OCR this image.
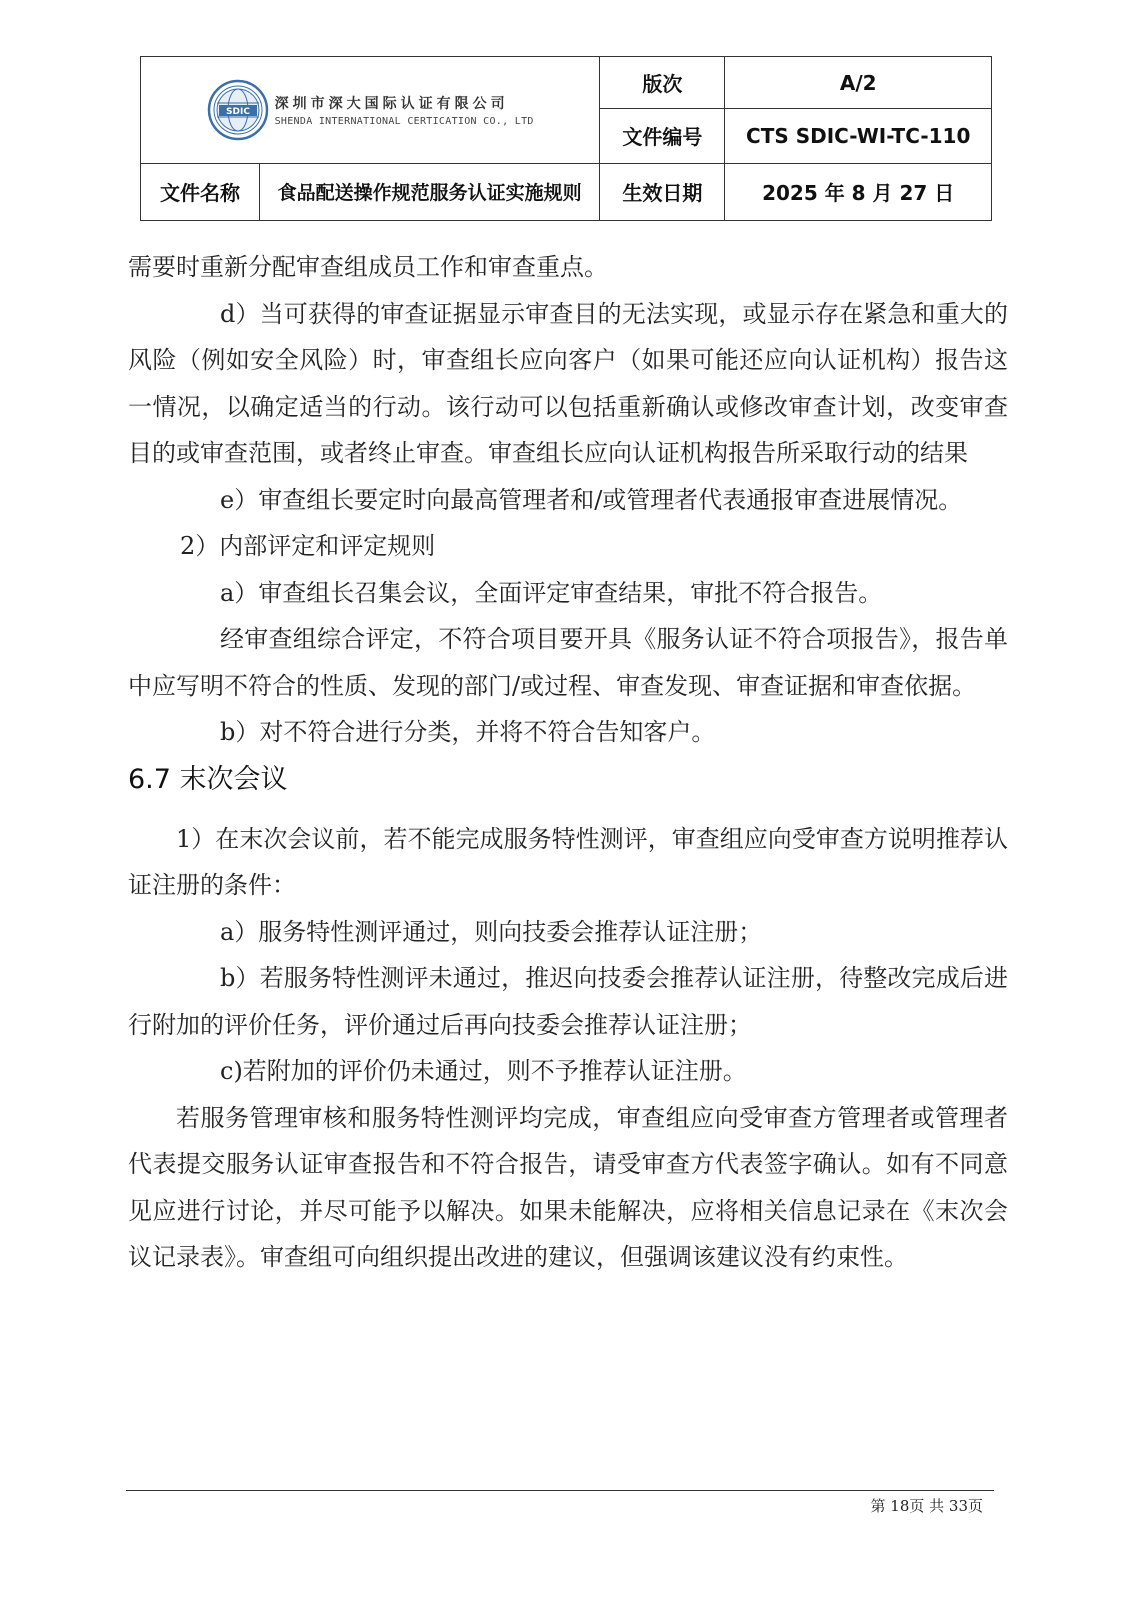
SDIC 深圳市深大国际认证有限公司
SHENDA INTERNATIONAL CERTICATION CO., LTD		版次	A/2
		文件编号	CTS SDIC-WI-TC-110
文件名称	食品配送操作规范服务认证实施规则	生效日期	2025 年 8 月 27 日

需要时重新分配审查组成员工作和审查重点。

d）当可获得的审查证据显示审查目的无法实现，或显示存在紧急和重大的风险（例如安全风险）时，审查组长应向客户（如果可能还应向认证机构）报告这一情况，以确定适当的行动。该行动可以包括重新确认或修改审查计划，改变审查目的或审查范围，或者终止审查。审查组长应向认证机构报告所采取行动的结果

e）审查组长要定时向最高管理者和/或管理者代表通报审查进展情况。

2）内部评定和评定规则

a）审查组长召集会议，全面评定审查结果，审批不符合报告。

经审查组综合评定，不符合项目要开具《服务认证不符合项报告》，报告单中应写明不符合的性质、发现的部门/或过程、审查发现、审查证据和审查依据。

b）对不符合进行分类，并将不符合告知客户。

6.7 末次会议

1）在末次会议前，若不能完成服务特性测评，审查组应向受审查方说明推荐认证注册的条件：

a）服务特性测评通过，则向技委会推荐认证注册；

b）若服务特性测评未通过，推迟向技委会推荐认证注册，待整改完成后进行附加的评价任务，评价通过后再向技委会推荐认证注册；

c)若附加的评价仍未通过，则不予推荐认证注册。

若服务管理审核和服务特性测评均完成，审查组应向受审查方管理者或管理者代表提交服务认证审查报告和不符合报告，请受审查方代表签字确认。如有不同意见应进行讨论，并尽可能予以解决。如果未能解决，应将相关信息记录在《末次会议记录表》。审查组可向组织提出改进的建议，但强调该建议没有约束性。

第 18页 共 33页
